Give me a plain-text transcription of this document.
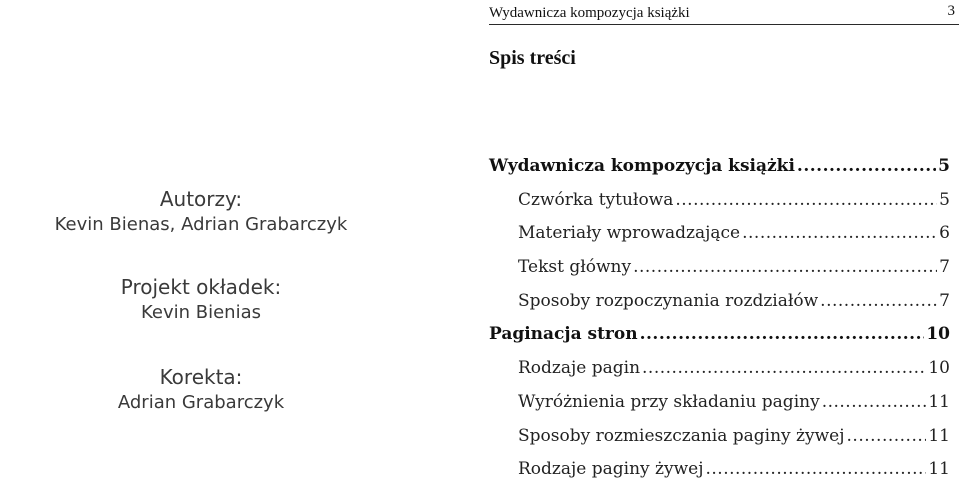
Autorzy:
Kevin Bienas, Adrian Grabarczyk
Projekt okładek:
Kevin Bienias
Korekta:
Adrian Grabarczyk
Wydawnicza kompozycja książki	3
Spis treści
Wydawnicza kompozycja książki .....	5
Czwórka tytułowa .....	5
Materiały wprowadzające .....	6
Tekst główny .....	7
Sposoby rozpoczynania rozdziałów .....	7
Paginacja stron .....	10
Rodzaje pagin .....	10
Wyróżnienia przy składaniu paginy .....	11
Sposoby rozmieszczania paginy żywej .....	11
Rodzaje paginy żywej .....	11
